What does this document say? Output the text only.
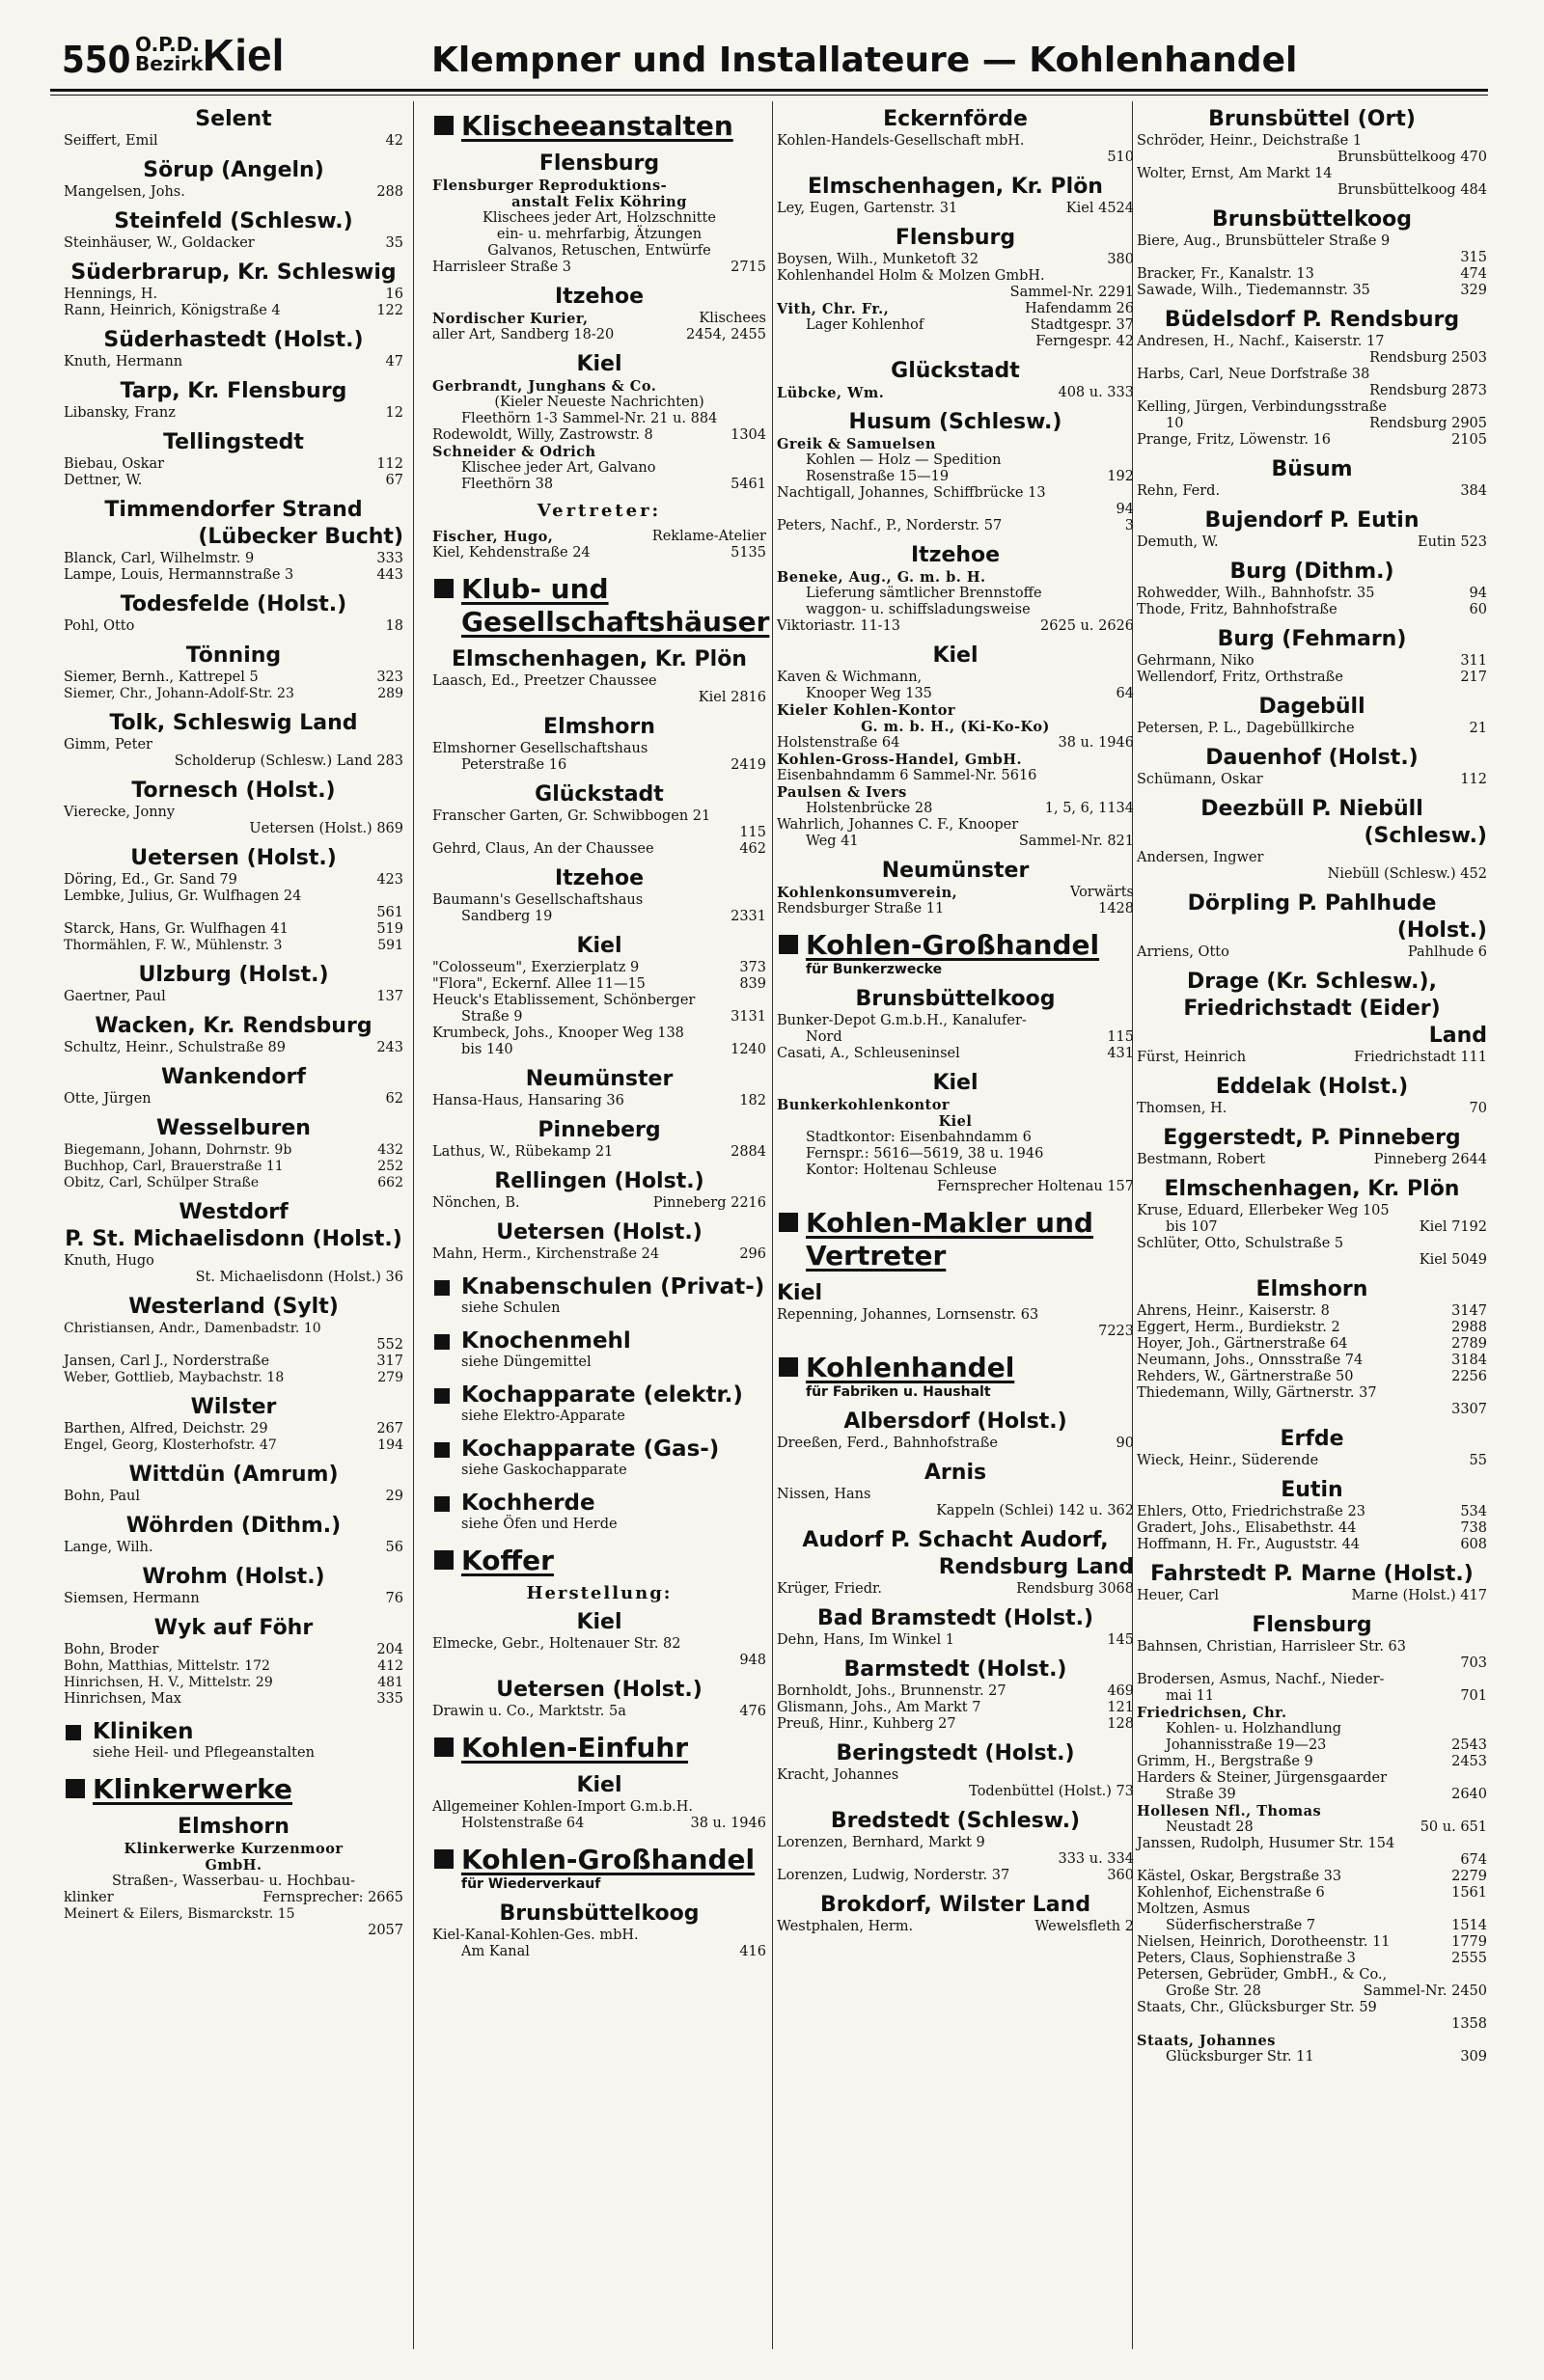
550 O.P.D.
Bezirk Kiel	Klempner und Installateure — Kohlenhandel
Selent
Seiffert, Emil	42
Sörup (Angeln)
Mangelsen, Johs.	288
Steinfeld (Schlesw.)
Steinhäuser, W., Goldacker	35
Süderbrarup, Kr. Schleswig
Hennings, H.	16
Rann, Heinrich, Königstraße 4	122
Süderhastedt (Holst.)
Knuth, Hermann	47
Tarp, Kr. Flensburg
Libansky, Franz	12
Tellingstedt
Biebau, Oskar	112
Dettner, W.	67
Timmendorfer Strand
(Lübecker Bucht)
Blanck, Carl, Wilhelmstr. 9	333
Lampe, Louis, Hermannstraße 3	443
Todesfelde (Holst.)
Pohl, Otto	18
Tönning
Siemer, Bernh., Kattrepel 5	323
Siemer, Chr., Johann-Adolf-Str. 23	289
Tolk, Schleswig Land
Gimm, Peter
Scholderup (Schlesw.) Land 283
Tornesch (Holst.)
Vierecke, Jonny
Uetersen (Holst.) 869
Uetersen (Holst.)
Döring, Ed., Gr. Sand 79	423
Lembke, Julius, Gr. Wulfhagen 24
561
Starck, Hans, Gr. Wulfhagen 41	519
Thormählen, F. W., Mühlenstr. 3	591
Ulzburg (Holst.)
Gaertner, Paul	137
Wacken, Kr. Rendsburg
Schultz, Heinr., Schulstraße 89	243
Wankendorf
Otte, Jürgen	62
Wesselburen
Biegemann, Johann, Dohrnstr. 9b	432
Buchhop, Carl, Brauerstraße 11	252
Obitz, Carl, Schülper Straße	662
Westdorf
P. St. Michaelisdonn (Holst.)
Knuth, Hugo
St. Michaelisdonn (Holst.) 36
Westerland (Sylt)
Christiansen, Andr., Damenbadstr. 10
552
Jansen, Carl J., Norderstraße	317
Weber, Gottlieb, Maybachstr. 18	279
Wilster
Barthen, Alfred, Deichstr. 29	267
Engel, Georg, Klosterhofstr. 47	194
Wittdün (Amrum)
Bohn, Paul	29
Wöhrden (Dithm.)
Lange, Wilh.	56
Wrohm (Holst.)
Siemsen, Hermann	76
Wyk auf Föhr
Bohn, Broder	204
Bohn, Matthias, Mittelstr. 172	412
Hinrichsen, H. V., Mittelstr. 29	481
Hinrichsen, Max	335
Kliniken
siehe Heil- und Pflegeanstalten
Klinkerwerke
Elmshorn
Klinkerwerke Kurzenmoor
GmbH.
Straßen-, Wasserbau- u. Hochbau-
klinker	Fernsprecher: 2665
Meinert & Eilers, Bismarckstr. 15
2057
Klischeeanstalten
Flensburg
Flensburger Reproduktions-
anstalt Felix Köhring
Klischees jeder Art, Holzschnitte
ein- u. mehrfarbig, Ätzungen
Galvanos, Retuschen, Entwürfe
Harrisleer Straße 3	2715
Itzehoe
Nordischer Kurier,	Klischees
aller Art, Sandberg 18-20	2454, 2455
Kiel
Gerbrandt, Junghans & Co.
(Kieler Neueste Nachrichten)
Fleethörn 1-3 Sammel-Nr. 21 u. 884
Rodewoldt, Willy, Zastrowstr. 8	1304
Schneider & Odrich
Klischee jeder Art, Galvano
Fleethörn 38	5461
Vertreter:
Fischer, Hugo,	Reklame-Atelier
Kiel, Kehdenstraße 24	5135
Klub- und
Gesellschaftshäuser
Elmschenhagen, Kr. Plön
Laasch, Ed., Preetzer Chaussee
Kiel 2816
Elmshorn
Elmshorner Gesellschaftshaus
Peterstraße 16	2419
Glückstadt
Franscher Garten, Gr. Schwibbogen 21
115
Gehrd, Claus, An der Chaussee	462
Itzehoe
Baumann's Gesellschaftshaus
Sandberg 19	2331
Kiel
"Colosseum", Exerzierplatz 9	373
"Flora", Eckernf. Allee 11—15	839
Heuck's Etablissement, Schönberger
Straße 9	3131
Krumbeck, Johs., Knooper Weg 138
bis 140	1240
Neumünster
Hansa-Haus, Hansaring 36	182
Pinneberg
Lathus, W., Rübekamp 21	2884
Rellingen (Holst.)
Nönchen, B.	Pinneberg 2216
Uetersen (Holst.)
Mahn, Herm., Kirchenstraße 24	296
Knabenschulen (Privat-)
siehe Schulen
Knochenmehl
siehe Düngemittel
Kochapparate (elektr.)
siehe Elektro-Apparate
Kochapparate (Gas-)
siehe Gaskochapparate
Kochherde
siehe Öfen und Herde
Koffer
Herstellung:
Kiel
Elmecke, Gebr., Holtenauer Str. 82
948
Uetersen (Holst.)
Drawin u. Co., Marktstr. 5a	476
Kohlen-Einfuhr
Kiel
Allgemeiner Kohlen-Import G.m.b.H.
Holstenstraße 64	38 u. 1946
Kohlen-Großhandel
für Wiederverkauf
Brunsbüttelkoog
Kiel-Kanal-Kohlen-Ges. mbH.
Am Kanal	416
Eckernförde
Kohlen-Handels-Gesellschaft mbH.
510
Elmschenhagen, Kr. Plön
Ley, Eugen, Gartenstr. 31	Kiel 4524
Flensburg
Boysen, Wilh., Munketoft 32	380
Kohlenhandel Holm & Molzen GmbH.
Sammel-Nr. 2291
Vith, Chr. Fr.,	Hafendamm 26
Lager Kohlenhof	Stadtgespr. 37
Ferngespr. 42
Glückstadt
Lübcke, Wm.	408 u. 333
Husum (Schlesw.)
Greik & Samuelsen
Kohlen — Holz — Spedition
Rosenstraße 15—19	192
Nachtigall, Johannes, Schiffbrücke 13
94
Peters, Nachf., P., Norderstr. 57	3
Itzehoe
Beneke, Aug., G. m. b. H.
Lieferung sämtlicher Brennstoffe
waggon- u. schiffsladungsweise
Viktoriastr. 11-13	2625 u. 2626
Kiel
Kaven & Wichmann,
Knooper Weg 135	64
Kieler Kohlen-Kontor
G. m. b. H., (Ki-Ko-Ko)
Holstenstraße 64	38 u. 1946
Kohlen-Gross-Handel, GmbH.
Eisenbahndamm 6 Sammel-Nr. 5616
Paulsen & Ivers
Holstenbrücke 28	1, 5, 6, 1134
Wahrlich, Johannes C. F., Knooper
Weg 41	Sammel-Nr. 821
Neumünster
Kohlenkonsumverein,	Vorwärts
Rendsburger Straße 11	1428
Kohlen-Großhandel
für Bunkerzwecke
Brunsbüttelkoog
Bunker-Depot G.m.b.H., Kanalufer-
Nord	115
Casati, A., Schleuseninsel	431
Kiel
Bunkerkohlenkontor
Kiel
Stadtkontor: Eisenbahndamm 6
Fernspr.: 5616—5619, 38 u. 1946
Kontor: Holtenau Schleuse
Fernsprecher Holtenau 157
Kohlen-Makler und
Vertreter
Kiel
Repenning, Johannes, Lornsenstr. 63
7223
Kohlenhandel
für Fabriken u. Haushalt
Albersdorf (Holst.)
Dreeßen, Ferd., Bahnhofstraße	90
Arnis
Nissen, Hans
Kappeln (Schlei) 142 u. 362
Audorf P. Schacht Audorf,
Rendsburg Land
Krüger, Friedr.	Rendsburg 3068
Bad Bramstedt (Holst.)
Dehn, Hans, Im Winkel 1	145
Barmstedt (Holst.)
Bornholdt, Johs., Brunnenstr. 27	469
Glismann, Johs., Am Markt 7	121
Preuß, Hinr., Kuhberg 27	128
Beringstedt (Holst.)
Kracht, Johannes
Todenbüttel (Holst.) 73
Bredstedt (Schlesw.)
Lorenzen, Bernhard, Markt 9
333 u. 334
Lorenzen, Ludwig, Norderstr. 37	360
Brokdorf, Wilster Land
Westphalen, Herm.	Wewelsfleth 2
Brunsbüttel (Ort)
Schröder, Heinr., Deichstraße 1
Brunsbüttelkoog 470
Wolter, Ernst, Am Markt 14
Brunsbüttelkoog 484
Brunsbüttelkoog
Biere, Aug., Brunsbütteler Straße 9
315
Bracker, Fr., Kanalstr. 13	474
Sawade, Wilh., Tiedemannstr. 35	329
Büdelsdorf P. Rendsburg
Andresen, H., Nachf., Kaiserstr. 17
Rendsburg 2503
Harbs, Carl, Neue Dorfstraße 38
Rendsburg 2873
Kelling, Jürgen, Verbindungsstraße
10	Rendsburg 2905
Prange, Fritz, Löwenstr. 16	2105
Büsum
Rehn, Ferd.	384
Bujendorf P. Eutin
Demuth, W.	Eutin 523
Burg (Dithm.)
Rohwedder, Wilh., Bahnhofstr. 35	94
Thode, Fritz, Bahnhofstraße	60
Burg (Fehmarn)
Gehrmann, Niko	311
Wellendorf, Fritz, Orthstraße	217
Dagebüll
Petersen, P. L., Dagebüllkirche	21
Dauenhof (Holst.)
Schümann, Oskar	112
Deezbüll P. Niebüll
(Schlesw.)
Andersen, Ingwer
Niebüll (Schlesw.) 452
Dörpling P. Pahlhude
(Holst.)
Arriens, Otto	Pahlhude 6
Drage (Kr. Schlesw.),
Friedrichstadt (Eider)
Land
Fürst, Heinrich	Friedrichstadt 111
Eddelak (Holst.)
Thomsen, H.	70
Eggerstedt, P. Pinneberg
Bestmann, Robert	Pinneberg 2644
Elmschenhagen, Kr. Plön
Kruse, Eduard, Ellerbeker Weg 105
bis 107	Kiel 7192
Schlüter, Otto, Schulstraße 5
Kiel 5049
Elmshorn
Ahrens, Heinr., Kaiserstr. 8	3147
Eggert, Herm., Burdiekstr. 2	2988
Hoyer, Joh., Gärtnerstraße 64	2789
Neumann, Johs., Onnsstraße 74	3184
Rehders, W., Gärtnerstraße 50	2256
Thiedemann, Willy, Gärtnerstr. 37
3307
Erfde
Wieck, Heinr., Süderende	55
Eutin
Ehlers, Otto, Friedrichstraße 23	534
Gradert, Johs., Elisabethstr. 44	738
Hoffmann, H. Fr., Auguststr. 44	608
Fahrstedt P. Marne (Holst.)
Heuer, Carl	Marne (Holst.) 417
Flensburg
Bahnsen, Christian, Harrisleer Str. 63
703
Brodersen, Asmus, Nachf., Nieder-
mai 11	701
Friedrichsen, Chr.
Kohlen- u. Holzhandlung
Johannisstraße 19—23	2543
Grimm, H., Bergstraße 9	2453
Harders & Steiner, Jürgensgaarder
Straße 39	2640
Hollesen Nfl., Thomas
Neustadt 28	50 u. 651
Janssen, Rudolph, Husumer Str. 154
674
Kästel, Oskar, Bergstraße 33	2279
Kohlenhof, Eichenstraße 6	1561
Moltzen, Asmus
Süderfischerstraße 7	1514
Nielsen, Heinrich, Dorotheenstr. 11	1779
Peters, Claus, Sophienstraße 3	2555
Petersen, Gebrüder, GmbH., & Co.,
Große Str. 28	Sammel-Nr. 2450
Staats, Chr., Glücksburger Str. 59
1358
Staats, Johannes
Glücksburger Str. 11	309
